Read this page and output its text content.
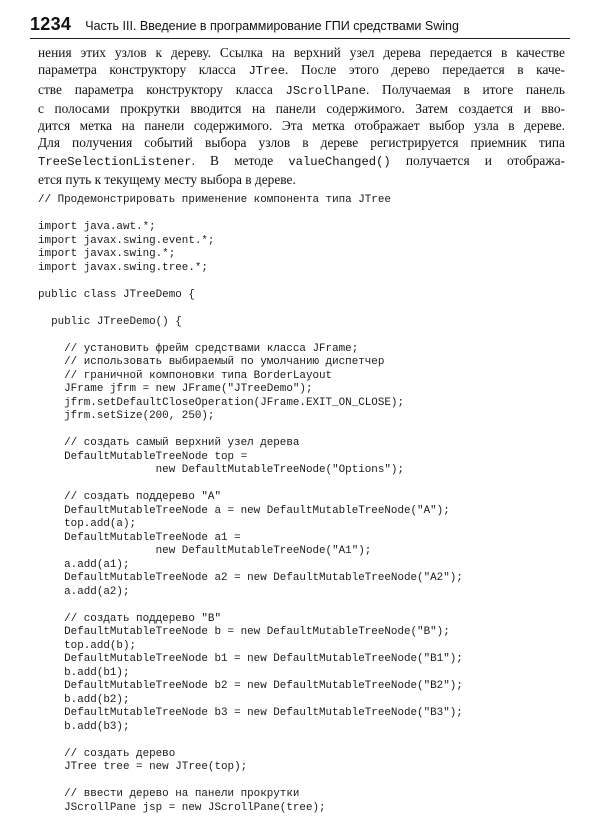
1234 Часть III. Введение в программирование ГПИ средствами Swing
нения этих узлов к дереву. Ссылка на верхний узел дерева передается в качестве
параметра конструктору класса JTree. После этого дерево передается в каче-
стве параметра конструктору класса JScrollPane. Получаемая в итоге панель
с полосами прокрутки вводится на панели содержимого. Затем создается и вво-
дится метка на панели содержимого. Эта метка отображает выбор узла в дереве.
Для получения событий выбора узлов в дереве регистрируется приемник типа
TreeSelectionListener. В методе valueChanged() получается и отобража-
ется путь к текущему месту выбора в дереве.
// Продемонстрировать применение компонента типа JTree
import java.awt.*;
import javax.swing.event.*;
import javax.swing.*;
import javax.swing.tree.*;
public class JTreeDemo {
public JTreeDemo() {
// установить фрейм средствами класса JFrame;
// использовать выбираемый по умолчанию диспетчер
// граничной компоновки типа BorderLayout
JFrame jfrm = new JFrame("JTreeDemo");
jfrm.setDefaultCloseOperation(JFrame.EXIT_ON_CLOSE);
jfrm.setSize(200, 250);
// создать самый верхний узел дерева
DefaultMutableTreeNode top =
new DefaultMutableTreeNode("Options");
// создать поддерево "A"
DefaultMutableTreeNode a = new DefaultMutableTreeNode("A");
top.add(a);
DefaultMutableTreeNode a1 =
new DefaultMutableTreeNode("A1");
a.add(a1);
DefaultMutableTreeNode a2 = new DefaultMutableTreeNode("A2");
a.add(a2);
// создать поддерево "B"
DefaultMutableTreeNode b = new DefaultMutableTreeNode("B");
top.add(b);
DefaultMutableTreeNode b1 = new DefaultMutableTreeNode("B1");
b.add(b1);
DefaultMutableTreeNode b2 = new DefaultMutableTreeNode("B2");
b.add(b2);
DefaultMutableTreeNode b3 = new DefaultMutableTreeNode("B3");
b.add(b3);
// создать дерево
JTree tree = new JTree(top);
// ввести дерево на панели прокрутки
JScrollPane jsp = new JScrollPane(tree);
